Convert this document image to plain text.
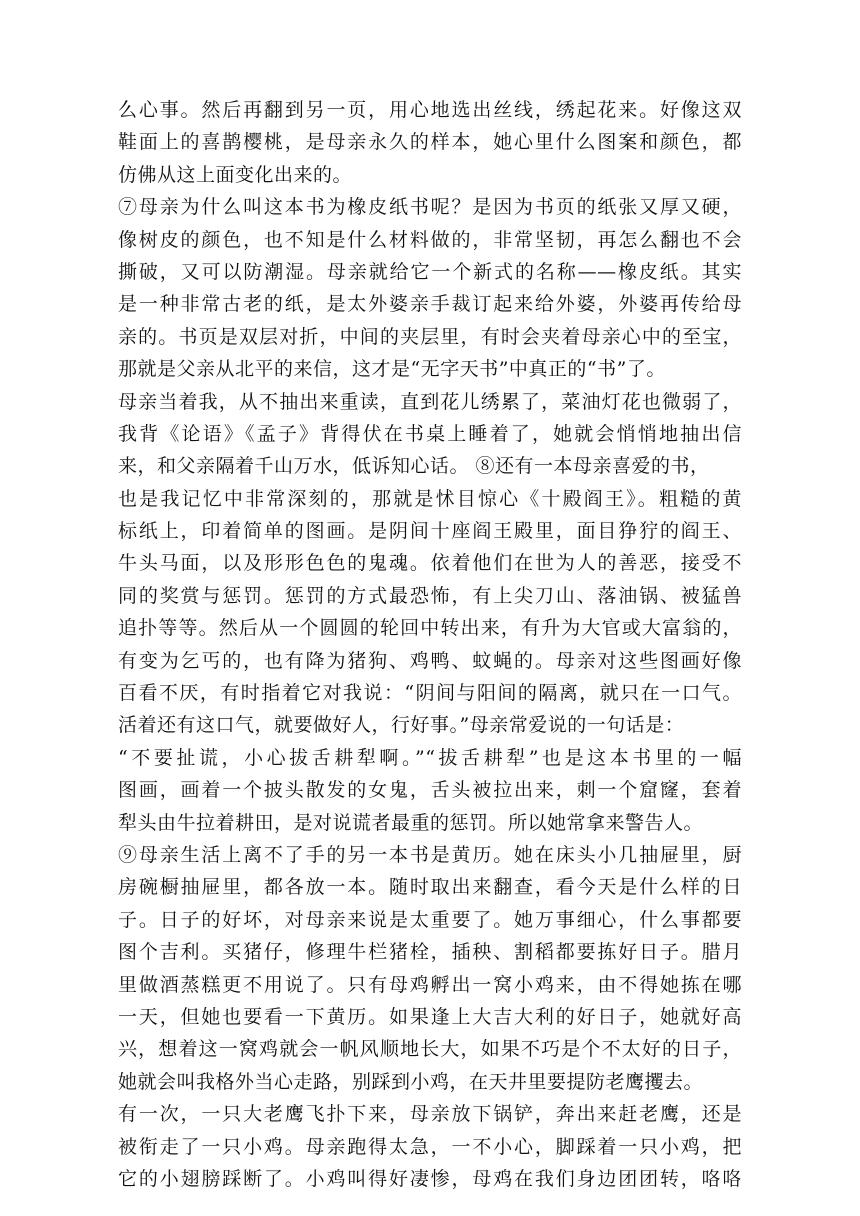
么心事。然后再翻到另一页，用心地选出丝线，绣起花来。好像这双
鞋面上的喜鹊樱桃，是母亲永久的样本，她心里什么图案和颜色，都
仿佛从这上面变化出来的。
⑦母亲为什么叫这本书为橡皮纸书呢？是因为书页的纸张又厚又硬，
像树皮的颜色，也不知是什么材料做的，非常坚韧，再怎么翻也不会
撕破，又可以防潮湿。母亲就给它一个新式的名称——橡皮纸。其实
是一种非常古老的纸，是太外婆亲手裁订起来给外婆，外婆再传给母
亲的。书页是双层对折，中间的夹层里，有时会夹着母亲心中的至宝，
那就是父亲从北平的来信，这才是“无字天书”中真正的“书”了。
母亲当着我，从不抽出来重读，直到花儿绣累了，菜油灯花也微弱了，
我背《论语》《孟子》背得伏在书桌上睡着了，她就会悄悄地抽出信
来，和父亲隔着千山万水，低诉知心话。 ⑧还有一本母亲喜爱的书，
也是我记忆中非常深刻的，那就是怵目惊心《十殿阎王》。粗糙的黄
标纸上，印着简单的图画。是阴间十座阎王殿里，面目狰狞的阎王、
牛头马面，以及形形色色的鬼魂。依着他们在世为人的善恶，接受不
同的奖赏与惩罚。惩罚的方式最恐怖，有上尖刀山、落油锅、被猛兽
追扑等等。然后从一个圆圆的轮回中转出来，有升为大官或大富翁的，
有变为乞丐的，也有降为猪狗、鸡鸭、蚊蝇的。母亲对这些图画好像
百看不厌，有时指着它对我说：“阴间与阳间的隔离，就只在一口气。
活着还有这口气，就要做好人，行好事。”母亲常爱说的一句话是：
“不要扯谎，小心拔舌耕犁啊。”“拔舌耕犁”也是这本书里的一幅
图画，画着一个披头散发的女鬼，舌头被拉出来，刺一个窟窿，套着
犁头由牛拉着耕田，是对说谎者最重的惩罚。所以她常拿来警告人。
⑨母亲生活上离不了手的另一本书是黄历。她在床头小几抽屉里，厨
房碗橱抽屉里，都各放一本。随时取出来翻查，看今天是什么样的日
子。日子的好坏，对母亲来说是太重要了。她万事细心，什么事都要
图个吉利。买猪仔，修理牛栏猪栓，插秧、割稻都要拣好日子。腊月
里做酒蒸糕更不用说了。只有母鸡孵出一窝小鸡来，由不得她拣在哪
一天，但她也要看一下黄历。如果逢上大吉大利的好日子，她就好高
兴，想着这一窝鸡就会一帆风顺地长大，如果不巧是个不太好的日子，
她就会叫我格外当心走路，别踩到小鸡，在天井里要提防老鹰攫去。
有一次，一只大老鹰飞扑下来，母亲放下锅铲，奔出来赶老鹰，还是
被衔走了一只小鸡。母亲跑得太急，一不小心，脚踩着一只小鸡，把
它的小翅膀踩断了。小鸡叫得好凄惨，母鸡在我们身边团团转，咯咯
